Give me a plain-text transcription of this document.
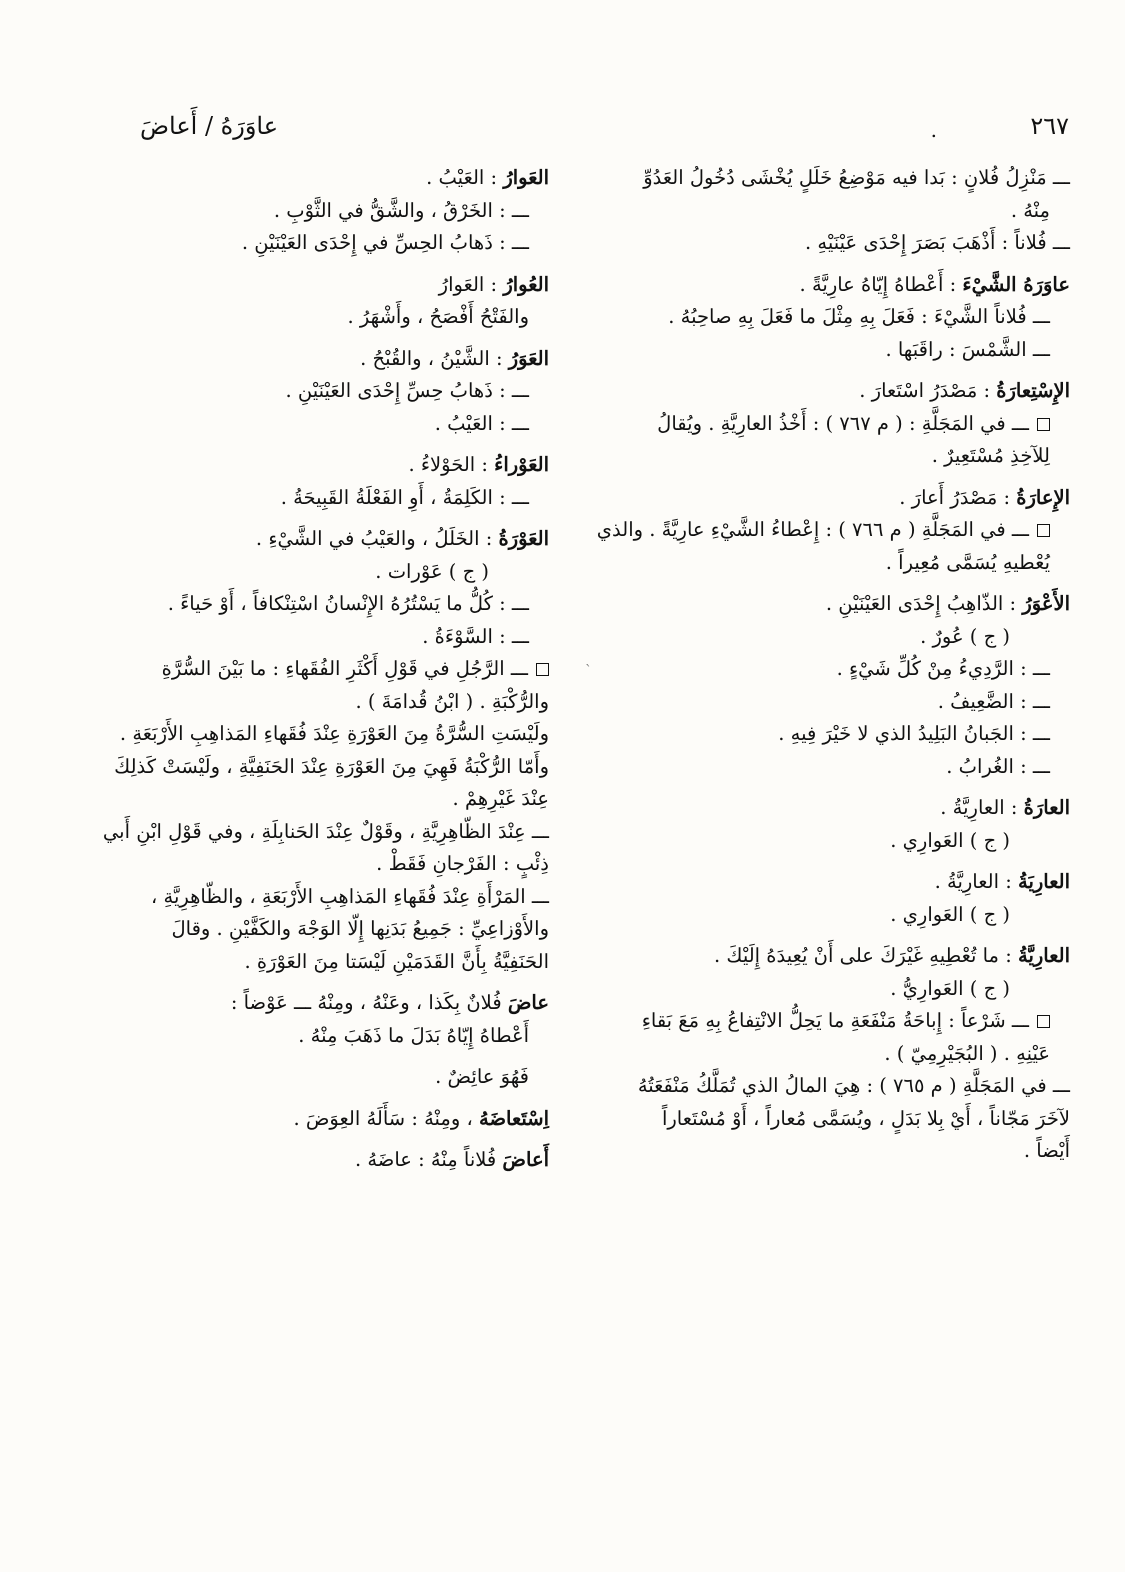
٢٦٧
.
عاوَرَهُ / أَعاضَ
ـــ مَنْزِلُ فُلانٍ : بَدا فيه مَوْضِعُ خَلَلٍ يُخْشَى دُخُولُ العَدُوِّ
مِنْهُ .
ـــ فُلاناً : أَذْهَبَ بَصَرَ إِحْدَى عَيْنَيْهِ .
عاوَرَهُ الشَّيْءَ : أَعْطاهُ إِيّاهُ عارِيَّةً .
ـــ فُلاناً الشَّيْءَ : فَعَلَ بِهِ مِثْلَ ما فَعَلَ بِهِ صاحِبُهُ .
ـــ الشَّمْسَ : راقَبَها .
الإِسْتِعارَةُ : مَصْدَرُ اسْتَعارَ .
ـــ في المَجَلَّةِ : ( م ٧٦٧ ) : أَخْذُ العارِيَّةِ . ويُقالُ
لِلآخِذِ مُسْتَعِيرٌ .
الإِعارَةُ : مَصْدَرُ أَعارَ .
ـــ في المَجَلَّةِ ( م ٧٦٦ ) : إِعْطاءُ الشَّيْءِ عارِيَّةً . والذي
يُعْطيهِ يُسَمَّى مُعِيراً .
الأَعْوَرُ : الذّاهِبُ إِحْدَى العَيْنَيْنِ .
( ج ) عُورٌ .
ـــ : الرَّدِيءُ مِنْ كُلِّ شَيْءٍ .
ـــ : الضَّعِيفُ .
ـــ : الجَبانُ البَلِيدُ الذي لا خَيْرَ فِيهِ .
ـــ : الغُرابُ .
العارَةُ : العارِيَّةُ .
( ج ) العَوارِي .
العارِيَةُ : العارِيَّةُ .
( ج ) العَوارِي .
العارِيَّةُ : ما تُعْطِيهِ غَيْرَكَ على أَنْ يُعِيدَهُ إِلَيْكَ .
( ج ) العَوارِيُّ .
ـــ شَرْعاً : إِباحَةُ مَنْفَعَةِ ما يَحِلُّ الانْتِفاعُ بِهِ مَعَ بَقاءِ
عَيْنِهِ . ( البُجَيْرِمِيّ ) .
ـــ في المَجَلَّةِ ( م ٧٦٥ ) : هِيَ المالُ الذي تُمَلَّكُ مَنْفَعَتُهُ
لآخَرَ مَجّاناً ، أَيْ بِلا بَدَلٍ ، ويُسَمَّى مُعاراً ، أَوْ مُسْتَعاراً
أَيْضاً .
العَوارُ : العَيْبُ .
ـــ : الخَرْقُ ، والشَّقُّ في الثَّوْبِ .
ـــ : ذَهابُ الحِسِّ في إِحْدَى العَيْنَيْنِ .
العُوارُ : العَوارُ
والفَتْحُ أَفْصَحُ ، وأَشْهَرُ .
العَوَرُ : الشَّيْنُ ، والقُبْحُ .
ـــ : ذَهابُ حِسِّ إِحْدَى العَيْنَيْنِ .
ـــ : العَيْبُ .
العَوْراءُ : الحَوْلاءُ .
ـــ : الكَلِمَةُ ، أَوِ الفَعْلَةُ القَبِيحَةُ .
العَوْرَةُ : الخَلَلُ ، والعَيْبُ في الشَّيْءِ .
( ج ) عَوْرات .
ـــ : كُلُّ ما يَسْتُرُهُ الإِنْسانُ اسْتِنْكافاً ، أَوْ حَياءً .
ـــ : السَّوْءَةُ .
ـــ الرَّجُلِ في قَوْلِ أَكْثَرِ الفُقَهاءِ : ما بَيْنَ السُّرَّةِ
والرُّكْبَةِ . ( ابْنُ قُدامَةَ ) .
ولَيْسَتِ السُّرَّةُ مِنَ العَوْرَةِ عِنْدَ فُقَهاءِ المَذاهِبِ الأَرْبَعَةِ .
وأَمّا الرُّكْبَةُ فَهِيَ مِنَ العَوْرَةِ عِنْدَ الحَنَفِيَّةِ ، ولَيْسَتْ كَذلِكَ
عِنْدَ غَيْرِهِمْ .
ـــ عِنْدَ الظّاهِرِيَّةِ ، وقَوْلٌ عِنْدَ الحَنابِلَةِ ، وفي قَوْلِ ابْنِ أَبي
ذِئْبٍ : الفَرْجانِ فَقَطْ .
ـــ المَرْأَةِ عِنْدَ فُقَهاءِ المَذاهِبِ الأَرْبَعَةِ ، والظّاهِرِيَّةِ ،
والأَوْزاعِيِّ : جَمِيعُ بَدَنِها إِلّا الوَجْهَ والكَفَّيْنِ . وقالَ
الحَنَفِيَّةُ بِأَنَّ القَدَمَيْنِ لَيْسَتا مِنَ العَوْرَةِ .
عاضَ فُلانٌ بِكَذا ، وعَنْهُ ، ومِنْهُ ـــ عَوْضاً :
أَعْطاهُ إِيّاهُ بَدَلَ ما ذَهَبَ مِنْهُ .
فَهُوَ عائِضٌ .
اِسْتَعاضَهُ ، ومِنْهُ : سَأَلَهُ العِوَضَ .
أَعاضَ فُلاناً مِنْهُ : عاضَهُ .
ˋ
